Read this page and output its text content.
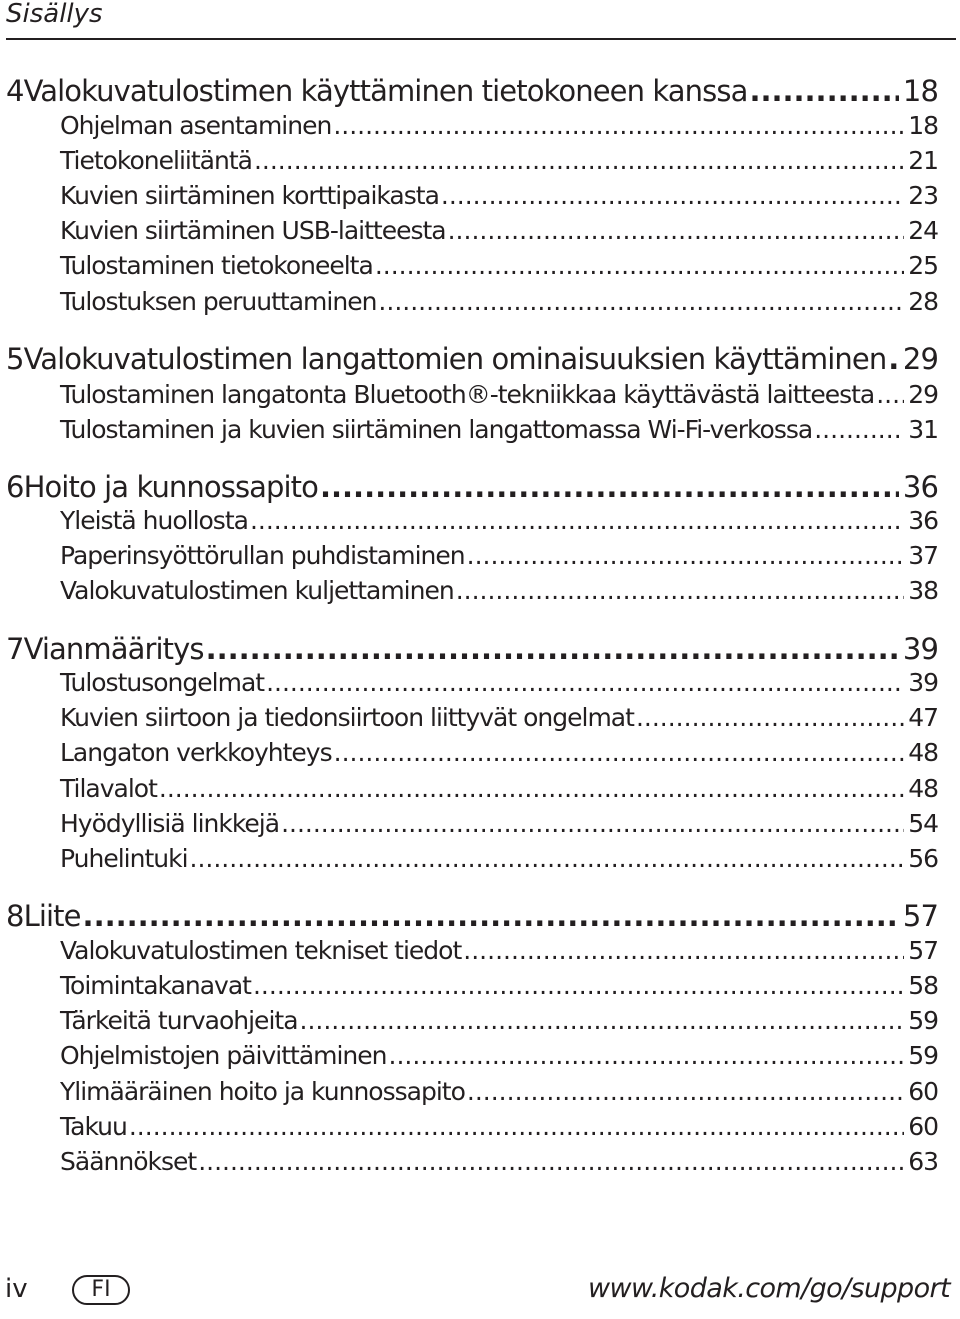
Sisällys
4 Valokuvatulostimen käyttäminen tietokoneen kanssa .....	18
Ohjelman asentaminen .....	18
Tietokoneliitäntä .....	21
Kuvien siirtäminen korttipaikasta .....	23
Kuvien siirtäminen USB-laitteesta .....	24
Tulostaminen tietokoneelta .....	25
Tulostuksen peruuttaminen .....	28
5 Valokuvatulostimen langattomien ominaisuuksien käyttäminen ..... 29
Tulostaminen langatonta Bluetooth®-tekniikkaa käyttävästä laitteesta ..... 29
Tulostaminen ja kuvien siirtäminen langattomassa Wi-Fi-verkossa .....	31
6 Hoito ja kunnossapito .....	36
Yleistä huollosta .....	36
Paperinsyöttörullan puhdistaminen .....	37
Valokuvatulostimen kuljettaminen .....	38
7 Vianmääritys .....	39
Tulostusongelmat .....	39
Kuvien siirtoon ja tiedonsiirtoon liittyvät ongelmat .....	47
Langaton verkkoyhteys .....	48
Tilavalot .....	48
Hyödyllisiä linkkejä .....	54
Puhelintuki .....	56
8 Liite .....	57
Valokuvatulostimen tekniset tiedot .....	57
Toimintakanavat .....	58
Tärkeitä turvaohjeita .....	59
Ohjelmistojen päivittäminen .....	59
Ylimääräinen hoito ja kunnossapito .....	60
Takuu .....	60
Säännökset .....	63
iv	FI	www.kodak.com/go/support
